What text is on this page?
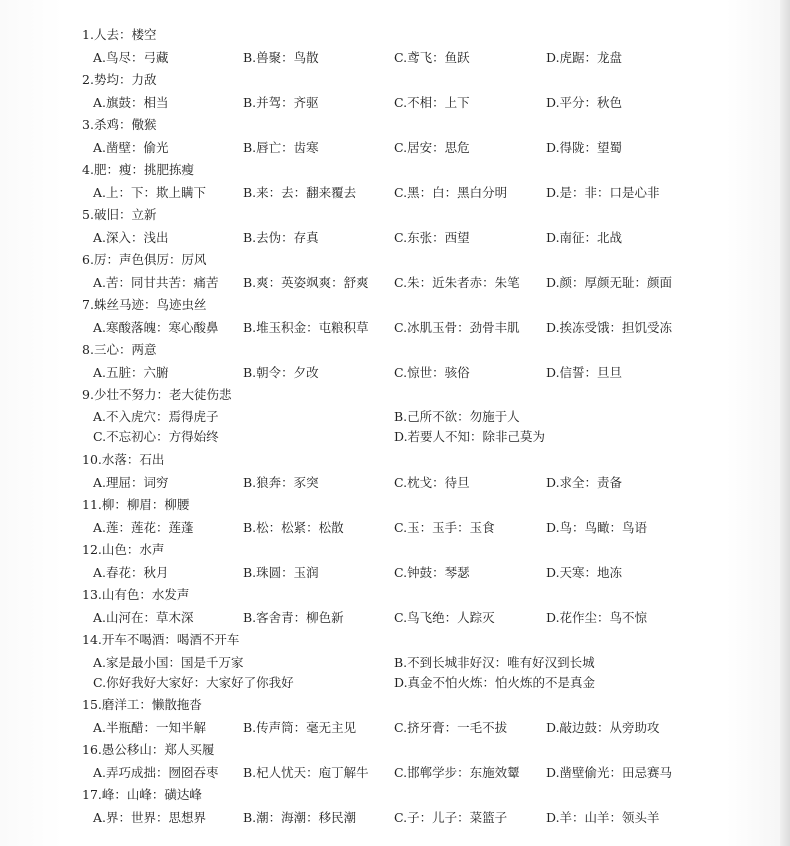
1.人去：楼空
A.鸟尽：弓藏	B.兽聚：鸟散	C.鸢飞：鱼跃	D.虎踞：龙盘
2.势均：力敌
A.旗鼓：相当	B.并驾：齐驱	C.不相：上下	D.平分：秋色
3.杀鸡：儆猴
A.凿壁：偷光	B.唇亡：齿寒	C.居安：思危	D.得陇：望蜀
4.肥：瘦：挑肥拣瘦
A.上：下：欺上瞒下	B.来：去：翻来覆去	C.黑：白：黑白分明	D.是：非：口是心非
5.破旧：立新
A.深入：浅出	B.去伪：存真	C.东张：西望	D.南征：北战
6.厉：声色俱厉：厉风
A.苦：同甘共苦：痛苦 B.爽：英姿飒爽：舒爽 C.朱：近朱者赤：朱笔 D.颜：厚颜无耻：颜面
7.蛛丝马迹：鸟迹虫丝
A.寒酸落魄：寒心酸鼻 B.堆玉积金：屯粮积草 C.冰肌玉骨：劲骨丰肌 D.挨冻受饿：担饥受冻
8.三心：两意
A.五脏：六腑	B.朝令：夕改	C.惊世：骇俗	D.信誓：旦旦
9.少壮不努力：老大徒伤悲
A.不入虎穴：焉得虎子	B.己所不欲：勿施于人
C.不忘初心：方得始终	D.若要人不知：除非己莫为
10.水落：石出
A.理屈：词穷	B.狼奔：豕突	C.枕戈：待旦	D.求全：责备
11.柳：柳眉：柳腰
A.莲：莲花：莲蓬	B.松：松紧：松散	C.玉：玉手：玉食	D.鸟：鸟瞰：鸟语
12.山色：水声
A.春花：秋月	B.珠圆：玉润	C.钟鼓：琴瑟	D.天寒：地冻
13.山有色：水发声
A.山河在：草木深	B.客舍青：柳色新	C.鸟飞绝：人踪灭	D.花作尘：鸟不惊
14.开车不喝酒：喝酒不开车
A.家是最小国：国是千万家	B.不到长城非好汉：唯有好汉到长城
C.你好我好大家好：大家好了你我好	D.真金不怕火炼：怕火炼的不是真金
15.磨洋工：懒散拖沓
A.半瓶醋：一知半解	B.传声筒：毫无主见	C.挤牙膏：一毛不拔	D.敲边鼓：从旁助攻
16.愚公移山：郑人买履
A.弄巧成拙：囫囵吞枣 B.杞人忧天：庖丁解牛 C.邯郸学步：东施效颦 D.凿壁偷光：田忌赛马
17.峰：山峰：磺达峰
A.界：世界：思想界	B.潮：海潮：移民潮	C.子：儿子：菜篮子	D.羊：山羊：领头羊
